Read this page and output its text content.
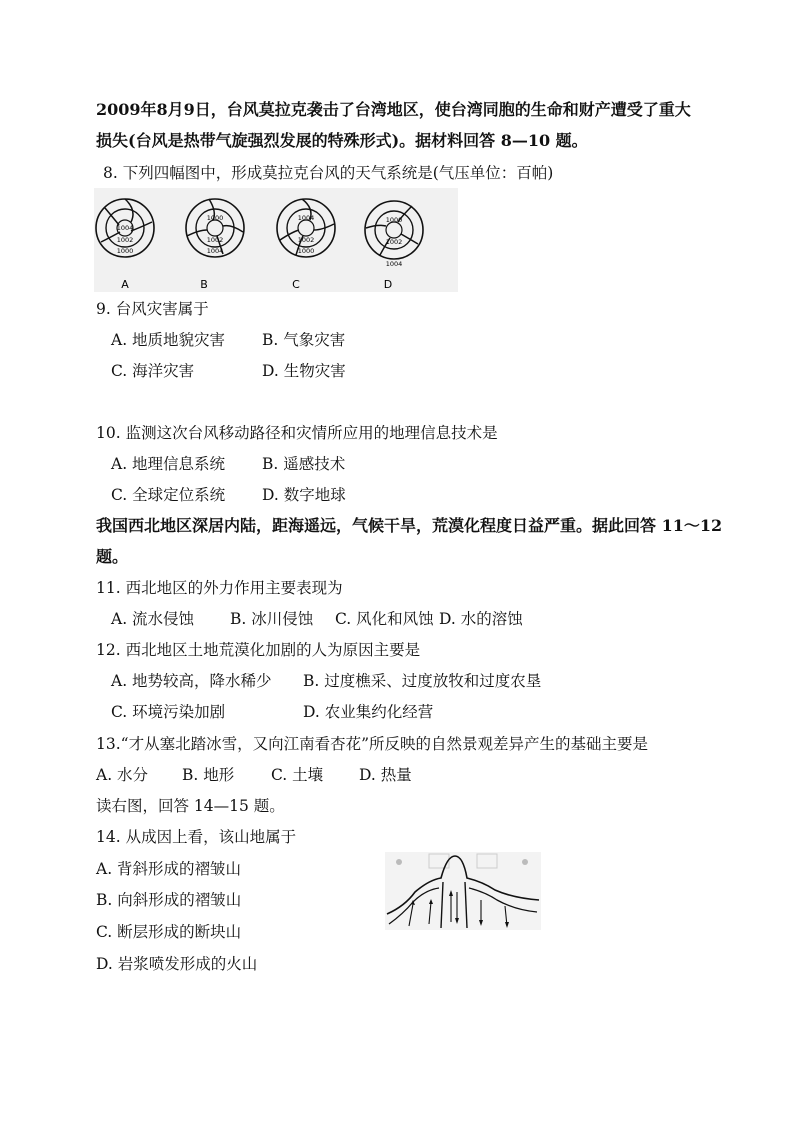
2009年8月9日，台风莫拉克袭击了台湾地区，使台湾同胞的生命和财产遭受了重大
损失(台风是热带气旋强烈发展的特殊形式)。据材料回答 8—10 题。
8. 下列四幅图中，形成莫拉克台风的天气系统是(气压单位：百帕)
1004
1002
1000
1000
1002
1004
1004
1002
1000
1000
1002
1004
A	B	C	D
9. 台风灾害属于
A. 地质地貌灾害 B. 气象灾害
C. 海洋灾害	D. 生物灾害
10. 监测这次台风移动路径和灾情所应用的地理信息技术是
A. 地理信息系统 B. 遥感技术
C. 全球定位系统 D. 数字地球
我国西北地区深居内陆，距海遥远，气候干旱，荒漠化程度日益严重。据此回答 11～12
题。
11. 西北地区的外力作用主要表现为
A. 流水侵蚀 B. 冰川侵蚀 C. 风化和风蚀 D. 水的溶蚀
12. 西北地区土地荒漠化加剧的人为原因主要是
A. 地势较高，降水稀少 B. 过度樵采、过度放牧和过度农垦
C. 环境污染加剧	D. 农业集约化经营
13.“才从塞北踏冰雪，又向江南看杏花”所反映的自然景观差异产生的基础主要是
A. 水分 B. 地形 C. 土壤 D. 热量
读右图，回答 14—15 题。
14. 从成因上看，该山地属于
A. 背斜形成的褶皱山
B. 向斜形成的褶皱山
C. 断层形成的断块山
D. 岩浆喷发形成的火山
